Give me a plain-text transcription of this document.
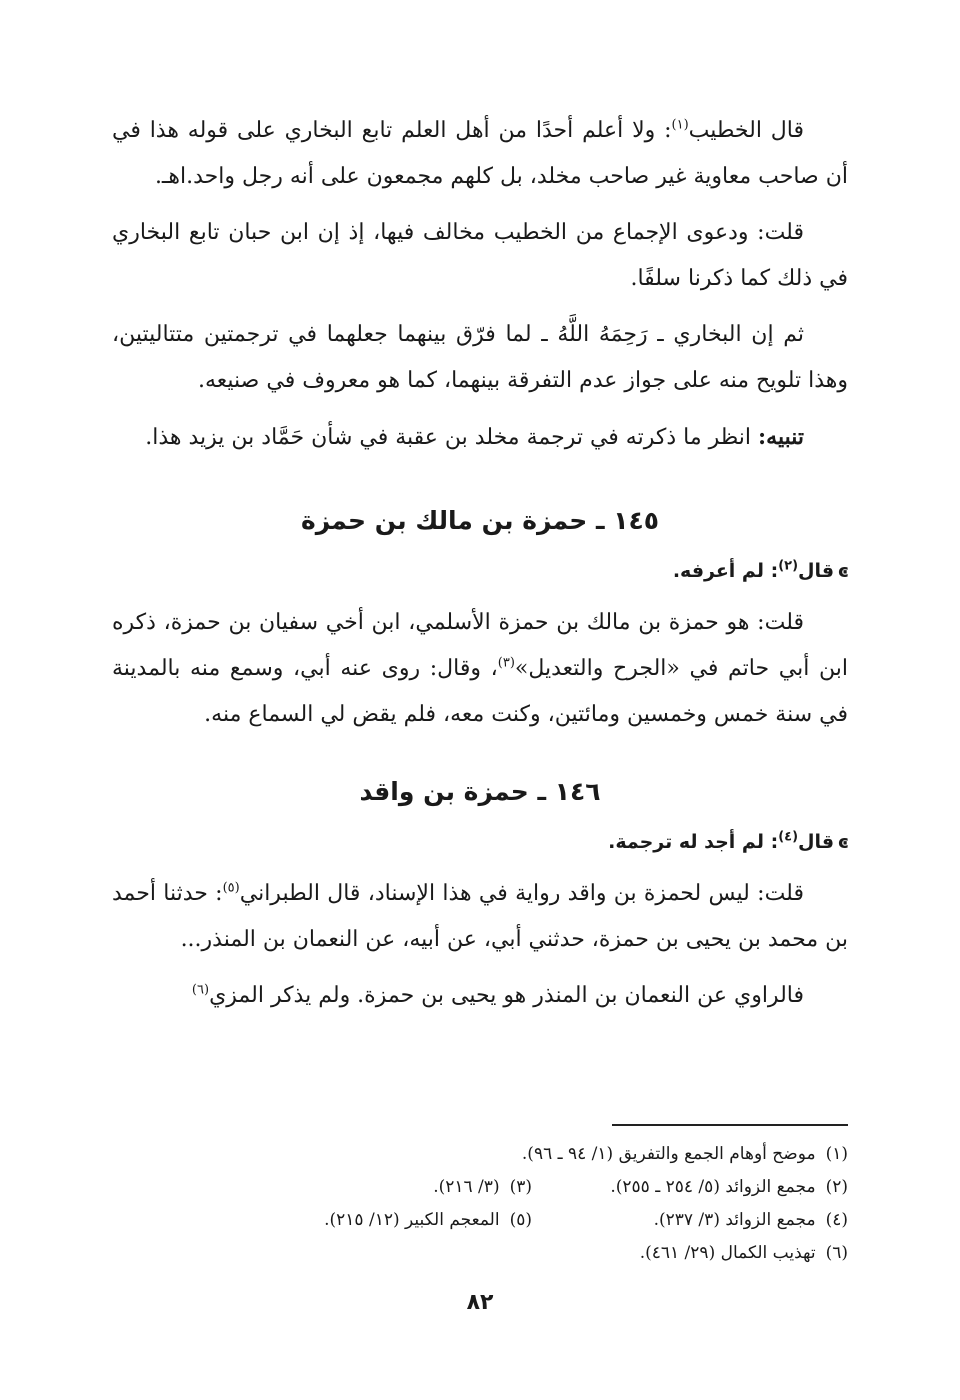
قال الخطيب$^{(١)}$: ولا أعلم أحدًا من أهل العلم تابع البخاري على قوله هذا في أن صاحب معاوية غير صاحب مخلد، بل كلهم مجمعون على أنه رجل واحد.اهـ.

قلت: ودعوى الإجماع من الخطيب مخالف فيها، إذ إن ابن حبان تابع البخاري في ذلك كما ذكرنا سلفًا.

ثم إن البخاري ـ رَحِمَهُ اللَّهُ ـ لما فرّق بينهما جعلهما في ترجمتين متتاليتين، وهذا تلويح منه على جواز عدم التفرقة بينهما، كما هو معروف في صنيعه.

تنبيه: انظر ما ذكرته في ترجمة مخلد بن عقبة في شأن حَمَّاد بن يزيد هذا.

١٤٥ ـ حمزة بن مالك بن حمزة

ͼقال$^{(٢)}$: لم أعرفه.

قلت: هو حمزة بن مالك بن حمزة الأسلمي، ابن أخي سفيان بن حمزة، ذكره ابن أبي حاتم في «الجرح والتعديل»$^{(٣)}$، وقال: روى عنه أبي، وسمع منه بالمدينة في سنة خمس وخمسين ومائتين، وكنت معه، فلم يقض لي السماع منه.

١٤٦ ـ حمزة بن واقد

ͼقال$^{(٤)}$: لم أجد له ترجمة.

قلت: ليس لحمزة بن واقد رواية في هذا الإسناد، قال الطبراني$^{(٥)}$: حدثنا أحمد بن محمد بن يحيى بن حمزة، حدثني أبي، عن أبيه، عن النعمان بن المنذر...

فالراوي عن النعمان بن المنذر هو يحيى بن حمزة. ولم يذكر المزي$^{(٦)}$

(١)موضح أوهام الجمع والتفريق (١/ ٩٤ ـ ٩٦).
(٢)مجمع الزوائد (٥/ ٢٥٤ ـ ٢٥٥).
(٣)(٣/ ٢١٦).
(٤)مجمع الزوائد (٣/ ٢٣٧).
(٥)المعجم الكبير (١٢/ ٢١٥).
(٦)تهذيب الكمال (٢٩/ ٤٦١).
٨٢
